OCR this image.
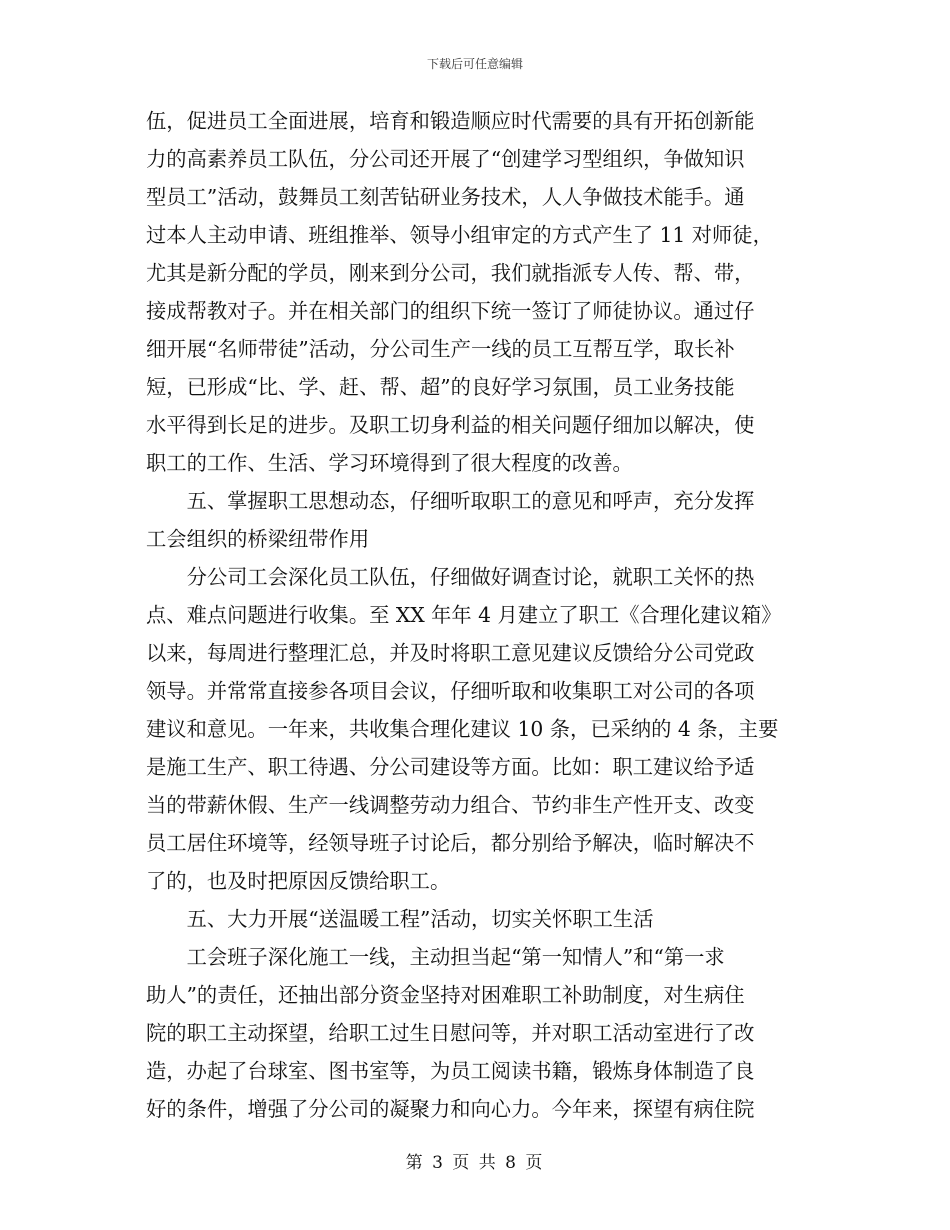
下载后可任意编辑
伍，促进员工全面进展，培育和锻造顺应时代需要的具有开拓创新能
力的高素养员工队伍，分公司还开展了“创建学习型组织，争做知识
型员工”活动，鼓舞员工刻苦钻研业务技术，人人争做技术能手。通
过本人主动申请、班组推举、领导小组审定的方式产生了 11 对师徒，
尤其是新分配的学员，刚来到分公司，我们就指派专人传、帮、带，
接成帮教对子。并在相关部门的组织下统一签订了师徒协议。通过仔
细开展“名师带徒”活动，分公司生产一线的员工互帮互学，取长补
短，已形成“比、学、赶、帮、超”的良好学习氛围，员工业务技能
水平得到长足的进步。及职工切身利益的相关问题仔细加以解决，使
职工的工作、生活、学习环境得到了很大程度的改善。
　　五、掌握职工思想动态，仔细听取职工的意见和呼声，充分发挥
工会组织的桥梁纽带作用
　　分公司工会深化员工队伍，仔细做好调查讨论，就职工关怀的热
点、难点问题进行收集。至 XX 年年 4 月建立了职工《合理化建议箱》
以来，每周进行整理汇总，并及时将职工意见建议反馈给分公司党政
领导。并常常直接参各项目会议，仔细听取和收集职工对公司的各项
建议和意见。一年来，共收集合理化建议 10 条，已采纳的 4 条，主要
是施工生产、职工待遇、分公司建设等方面。比如：职工建议给予适
当的带薪休假、生产一线调整劳动力组合、节约非生产性开支、改变
员工居住环境等，经领导班子讨论后，都分别给予解决，临时解决不
了的，也及时把原因反馈给职工。
　　五、大力开展“送温暖工程”活动，切实关怀职工生活
　　工会班子深化施工一线，主动担当起“第一知情人”和“第一求
助人”的责任，还抽出部分资金坚持对困难职工补助制度，对生病住
院的职工主动探望，给职工过生日慰问等，并对职工活动室进行了改
造，办起了台球室、图书室等，为员工阅读书籍，锻炼身体制造了良
好的条件，增强了分公司的凝聚力和向心力。今年来，探望有病住院
第 3 页 共 8 页
